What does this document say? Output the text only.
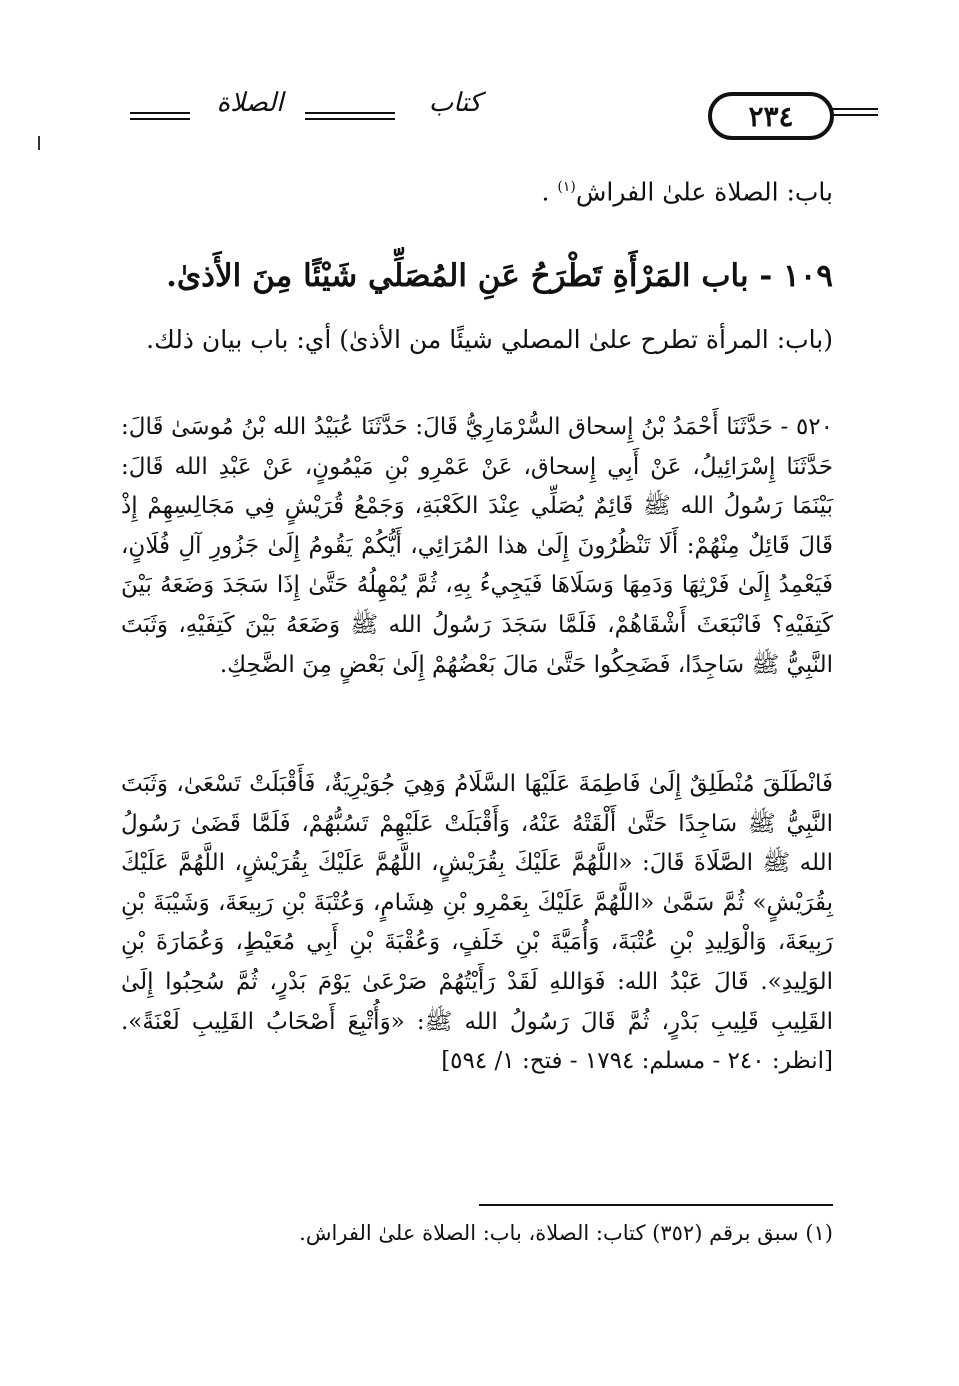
٢٣٤
كتاب
الصلاة
باب: الصلاة علىٰ الفراش$^{(١)}$ .
١٠٩ - باب المَرْأَةِ تَطْرَحُ عَنِ المُصَلِّي شَيْئًا مِنَ الأَذىٰ.
(باب: المرأة تطرح علىٰ المصلي شيئًا من الأذىٰ) أي: باب بيان ذلك.
٥٢٠ - حَدَّثَنَا أَحْمَدُ بْنُ إِسحاق السُّرْمَارِيُّ قَالَ: حَدَّثَنَا عُبَيْدُ الله بْنُ مُوسَىٰ قَالَ: حَدَّثَنَا إِسْرَائِيلُ، عَنْ أَبِي إِسحاق، عَنْ عَمْرِو بْنِ مَيْمُونٍ، عَنْ عَبْدِ الله قَالَ: بَيْنَمَا رَسُولُ الله ﷺ قَائِمٌ يُصَلِّي عِنْدَ الكَعْبَةِ، وَجَمْعُ قُرَيْشٍ فِي مَجَالِسِهِمْ إِذْ قَالَ قَائِلٌ مِنْهُمْ: أَلَا تَنْظُرُونَ إِلَىٰ هذا المُرَائِي، أَيُّكُمْ يَقُومُ إِلَىٰ جَزُورِ آلِ فُلَانٍ، فَيَعْمِدُ إِلَىٰ فَرْثِهَا وَدَمِهَا وَسَلَاهَا فَيَجِيءُ بِهِ، ثُمَّ يُمْهِلُهُ حَتَّىٰ إِذَا سَجَدَ وَضَعَهُ بَيْنَ كَتِفَيْهِ؟ فَانْبَعَثَ أَشْقَاهُمْ، فَلَمَّا سَجَدَ رَسُولُ الله ﷺ وَضَعَهُ بَيْنَ كَتِفَيْهِ، وَثَبَتَ النَّبِيُّ ﷺ سَاجِدًا، فَضَحِكُوا حَتَّىٰ مَالَ بَعْضُهُمْ إِلَىٰ بَعْضٍ مِنَ الضَّحِكِ.
فَانْطَلَقَ مُنْطَلِقٌ إِلَىٰ فَاطِمَةَ عَلَيْهَا السَّلَامُ وَهِيَ جُوَيْرِيَةٌ، فَأَقْبَلَتْ تَسْعَىٰ، وَثَبَتَ النَّبِيُّ ﷺ سَاجِدًا حَتَّىٰ أَلْقَتْهُ عَنْهُ، وَأَقْبَلَتْ عَلَيْهِمْ تَسُبُّهُمْ، فَلَمَّا قَضَىٰ رَسُولُ الله ﷺ الصَّلَاةَ قَالَ: «اللَّهُمَّ عَلَيْكَ بِقُرَيْشٍ، اللَّهُمَّ عَلَيْكَ بِقُرَيْشٍ، اللَّهُمَّ عَلَيْكَ بِقُرَيْشٍ» ثُمَّ سَمَّىٰ «اللَّهُمَّ عَلَيْكَ بِعَمْرِو بْنِ هِشَامٍ، وَعُتْبَةَ بْنِ رَبِيعَةَ، وَشَيْبَةَ بْنِ رَبِيعَةَ، وَالْوَلِيدِ بْنِ عُتْبَةَ، وَأُمَيَّةَ بْنِ خَلَفٍ، وَعُقْبَةَ بْنِ أَبِي مُعَيْطٍ، وَعُمَارَةَ بْنِ الوَلِيدِ». قَالَ عَبْدُ الله: فَوَاللهِ لَقَدْ رَأَيْتُهُمْ صَرْعَىٰ يَوْمَ بَدْرٍ، ثُمَّ سُحِبُوا إِلَىٰ القَلِيبِ قَلِيبِ بَدْرٍ، ثُمَّ قَالَ رَسُولُ الله ﷺ: «وَأُتْبِعَ أَصْحَابُ القَلِيبِ لَعْنَةً». [انظر: ٢٤٠ - مسلم: ١٧٩٤ - فتح: ١/ ٥٩٤]
(١) سبق برقم (٣٥٢) كتاب: الصلاة، باب: الصلاة علىٰ الفراش.
